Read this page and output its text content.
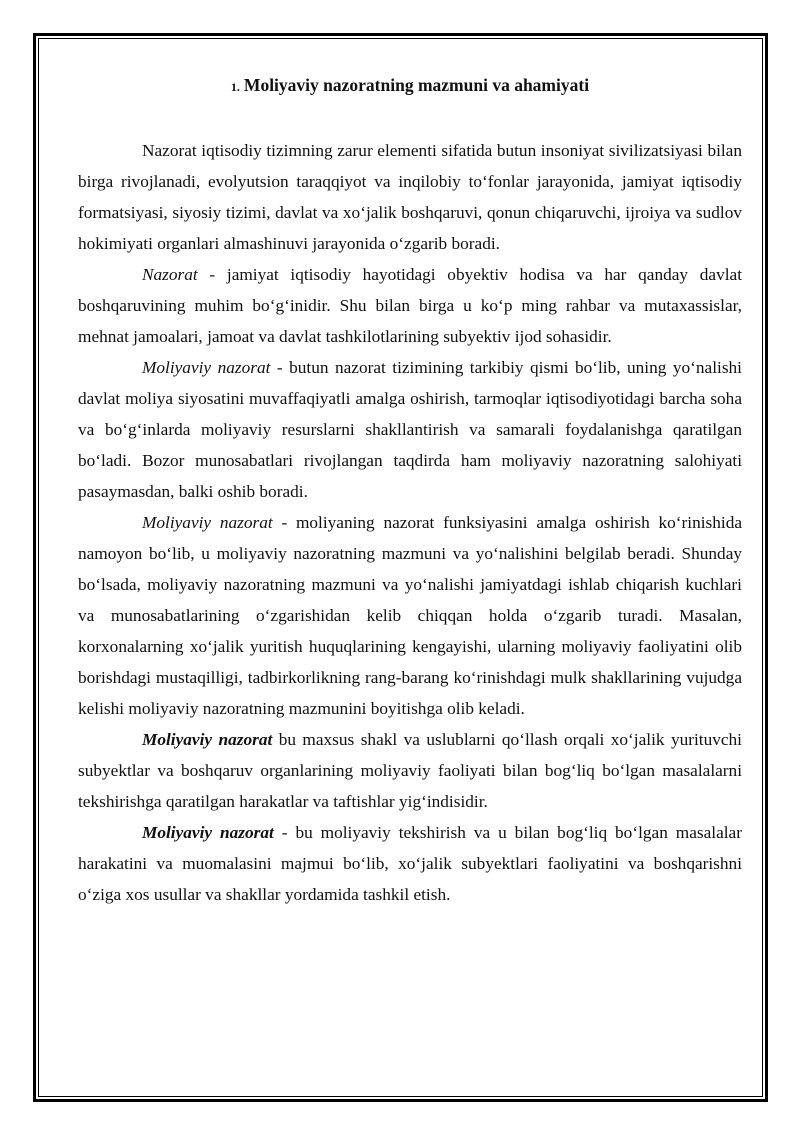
1. Moliyaviy nazoratning mazmuni va ahamiyati

Nazorat iqtisodiy tizimning zarur elementi sifatida butun insoniyat sivilizatsiyasi bilan birga rivojlanadi, evolyutsion taraqqiyot va inqilobiy to‘fonlar jarayonida, jamiyat iqtisodiy formatsiyasi, siyosiy tizimi, davlat va xo‘jalik boshqaruvi, qonun chiqaruvchi, ijroiya va sudlov hokimiyati organlari almashinuvi jarayonida o‘zgarib boradi.

Nazorat - jamiyat iqtisodiy hayotidagi obyektiv hodisa va har qanday davlat boshqaruvining muhim bo‘g‘inidir. Shu bilan birga u ko‘p ming rahbar va mutaxassislar, mehnat jamoalari, jamoat va davlat tashkilotlarining subyektiv ijod sohasidir.

Moliyaviy nazorat - butun nazorat tizimining tarkibiy qismi bo‘lib, uning yo‘nalishi davlat moliya siyosatini muvaffaqiyatli amalga oshirish, tarmoqlar iqtisodiyotidagi barcha soha va bo‘g‘inlarda moliyaviy resurslarni shakllantirish va samarali foydalanishga qaratilgan bo‘ladi. Bozor munosabatlari rivojlangan taqdirda ham moliyaviy nazoratning salohiyati pasaymasdan, balki oshib boradi.

Moliyaviy nazorat - moliyaning nazorat funksiyasini amalga oshirish ko‘rinishida namoyon bo‘lib, u moliyaviy nazoratning mazmuni va yo‘nalishini belgilab beradi. Shunday bo‘lsada, moliyaviy nazoratning mazmuni va yo‘nalishi jamiyatdagi ishlab chiqarish kuchlari va munosabatlarining o‘zgarishidan kelib chiqqan holda o‘zgarib turadi. Masalan, korxonalarning xo‘jalik yuritish huquqlarining kengayishi, ularning moliyaviy faoliyatini olib borishdagi mustaqilligi, tadbirkorlikning rang-barang ko‘rinishdagi mulk shakllarining vujudga kelishi moliyaviy nazoratning mazmunini boyitishga olib keladi.

Moliyaviy nazorat bu maxsus shakl va uslublarni qo‘llash orqali xo‘jalik yurituvchi subyektlar va boshqaruv organlarining moliyaviy faoliyati bilan bog‘liq bo‘lgan masalalarni tekshirishga qaratilgan harakatlar va taftishlar yig‘indisidir.

Moliyaviy nazorat - bu moliyaviy tekshirish va u bilan bog‘liq bo‘lgan masalalar harakatini va muomalasini majmui bo‘lib, xo‘jalik subyektlari faoliyatini va boshqarishni o‘ziga xos usullar va shakllar yordamida tashkil etish.
